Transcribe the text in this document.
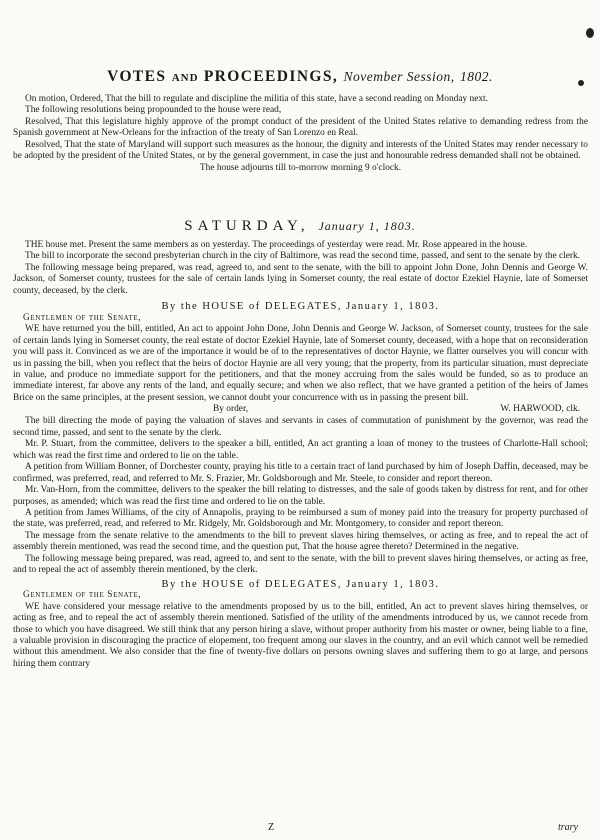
VOTES AND PROCEEDINGS, November Session, 1802.

On motion, Ordered, That the bill to regulate and discipline the militia of this state, have a second reading on Monday next.

The following resolutions being propounded to the house were read,

Resolved, That this legislature highly approve of the prompt conduct of the president of the United States relative to demanding redress from the Spanish government at New-Orleans for the infraction of the treaty of San Lorenzo en Real.

Resolved, That the state of Maryland will support such measures as the honour, the dignity and interests of the United States may render necessary to be adopted by the president of the United States, or by the general government, in case the just and honourable redress demanded shall not be obtained.

The house adjourns till to-morrow morning 9 o'clock.

SATURDAY, January 1, 1803.

THE house met. Present the same members as on yesterday. The proceedings of yesterday were read. Mr. Rose appeared in the house.

The bill to incorporate the second presbyterian church in the city of Baltimore, was read the second time, passed, and sent to the senate by the clerk.

The following message being prepared, was read, agreed to, and sent to the senate, with the bill to appoint John Done, John Dennis and George W. Jackson, of Somerset county, trustees for the sale of certain lands lying in Somerset county, the real estate of doctor Ezekiel Haynie, late of Somerset county, deceased, by the clerk.

By the HOUSE of DELEGATES, January 1, 1803.

Gentlemen of the Senate,

WE have returned you the bill, entitled, An act to appoint John Done, John Dennis and George W. Jackson, of Somerset county, trustees for the sale of certain lands lying in Somerset county, the real estate of doctor Ezekiel Haynie, late of Somerset county, deceased, with a hope that on reconsideration you will pass it. Convinced as we are of the importance it would be of to the representatives of doctor Haynie, we flatter ourselves you will concur with us in passing the bill, when you reflect that the heirs of doctor Haynie are all very young; that the property, from its particular situation, must depreciate in value, and produce no immediate support for the petitioners, and that the money accruing from the sales would be funded, so as to produce an immediate interest, far above any rents of the land, and equally secure; and when we also reflect, that we have granted a petition of the heirs of James Brice on the same principles, at the present session, we cannot doubt your concurrence with us in passing the present bill.

By order,	W. HARWOOD, clk.

The bill directing the mode of paying the valuation of slaves and servants in cases of commutation of punishment by the governor, was read the second time, passed, and sent to the senate by the clerk.

Mr. P. Stuart, from the committee, delivers to the speaker a bill, entitled, An act granting a loan of money to the trustees of Charlotte-Hall school; which was read the first time and ordered to lie on the table.

A petition from William Bonner, of Dorchester county, praying his title to a certain tract of land purchased by him of Joseph Daffin, deceased, may be confirmed, was preferred, read, and referred to Mr. S. Frazier, Mr. Goldsborough and Mr. Steele, to consider and report thereon.

Mr. Van-Horn, from the committee, delivers to the speaker the bill relating to distresses, and the sale of goods taken by distress for rent, and for other purposes, as amended; which was read the first time and ordered to lie on the table.

A petition from James Williams, of the city of Annapolis, praying to be reimbursed a sum of money paid into the treasury for property purchased of the state, was preferred, read, and referred to Mr. Ridgely, Mr. Goldsborough and Mr. Montgomery, to consider and report thereon.

The message from the senate relative to the amendments to the bill to prevent slaves hiring themselves, or acting as free, and to repeal the act of assembly therein mentioned, was read the second time, and the question put, That the house agree thereto? Determined in the negative.

The following message being prepared, was read, agreed to, and sent to the senate, with the bill to prevent slaves hiring themselves, or acting as free, and to repeal the act of assembly therein mentioned, by the clerk.

By the HOUSE of DELEGATES, January 1, 1803.

Gentlemen of the Senate,

WE have considered your message relative to the amendments proposed by us to the bill, entitled, An act to prevent slaves hiring themselves, or acting as free, and to repeal the act of assembly therein mentioned. Satisfied of the utility of the amendments introduced by us, we cannot recede from those to which you have disagreed. We still think that any person hiring a slave, without proper authority from his master or owner, being liable to a fine, a valuable provision in discouraging the practice of elopement, too frequent among our slaves in the country, and an evil which cannot well be remedied without this amendment. We also consider that the fine of twenty-five dollars on persons owning slaves and suffering them to go at large, and persons hiring them contrary

Z	trary
